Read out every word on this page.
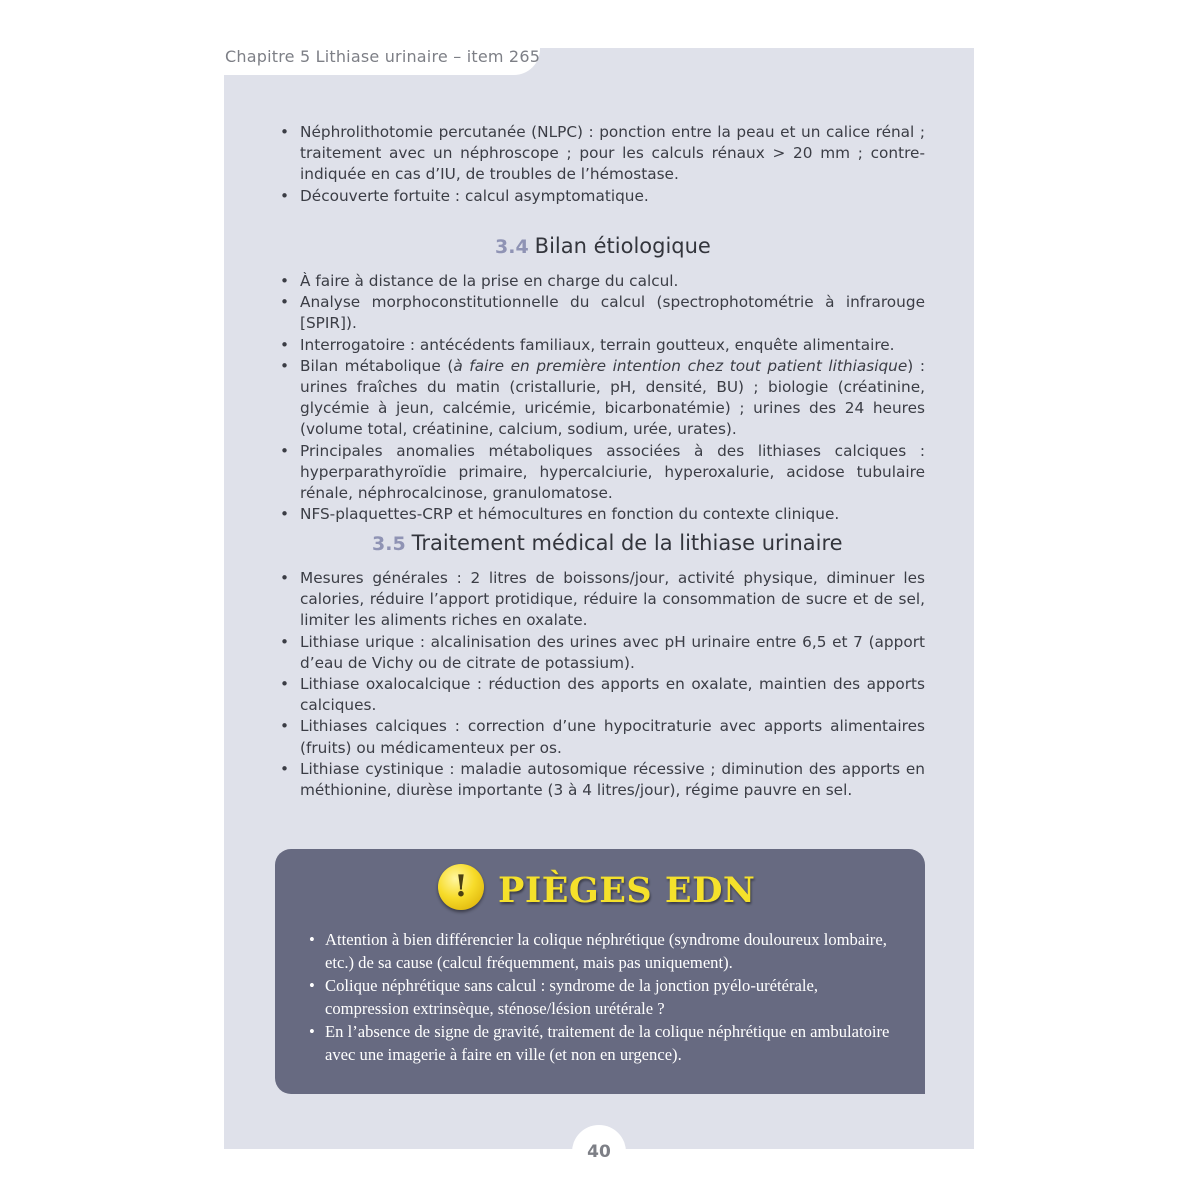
Chapitre 5 Lithiase urinaire – item 265
• Néphrolithotomie percutanée (NLPC) : ponction entre la peau et un calice rénal ; traitement avec un néphroscope ; pour les calculs rénaux > 20 mm ; contre-indiquée en cas d’IU, de troubles de l’hémostase.
• Découverte fortuite : calcul asymptomatique.
3.4 Bilan étiologique
• À faire à distance de la prise en charge du calcul.
• Analyse morphoconstitutionnelle du calcul (spectrophotométrie à infrarouge [SPIR]).
• Interrogatoire : antécédents familiaux, terrain goutteux, enquête alimentaire.
• Bilan métabolique (à faire en première intention chez tout patient lithiasique) : urines fraîches du matin (cristallurie, pH, densité, BU) ; biologie (créatinine, glycémie à jeun, calcémie, uricémie, bicarbonatémie) ; urines des 24 heures (volume total, créatinine, calcium, sodium, urée, urates).
• Principales anomalies métaboliques associées à des lithiases calciques : hyperparathyroïdie primaire, hypercalciurie, hyperoxalurie, acidose tubulaire rénale, néphrocalcinose, granulomatose.
• NFS-plaquettes-CRP et hémocultures en fonction du contexte clinique.
3.5 Traitement médical de la lithiase urinaire
• Mesures générales : 2 litres de boissons/jour, activité physique, diminuer les calories, réduire l’apport protidique, réduire la consommation de sucre et de sel, limiter les aliments riches en oxalate.
• Lithiase urique : alcalinisation des urines avec pH urinaire entre 6,5 et 7 (apport d’eau de Vichy ou de citrate de potassium).
• Lithiase oxalocalcique : réduction des apports en oxalate, maintien des apports calciques.
• Lithiases calciques : correction d’une hypocitraturie avec apports alimentaires (fruits) ou médicamenteux per os.
• Lithiase cystinique : maladie autosomique récessive ; diminution des apports en méthionine, diurèse importante (3 à 4 litres/jour), régime pauvre en sel.
! PIÈGES EDN
• Attention à bien différencier la colique néphrétique (syndrome douloureux lombaire, etc.) de sa cause (calcul fréquemment, mais pas uniquement).
• Colique néphrétique sans calcul : syndrome de la jonction pyélo-urétérale, compression extrinsèque, sténose/lésion urétérale ?
• En l’absence de signe de gravité, traitement de la colique néphrétique en ambulatoire avec une imagerie à faire en ville (et non en urgence).
40
